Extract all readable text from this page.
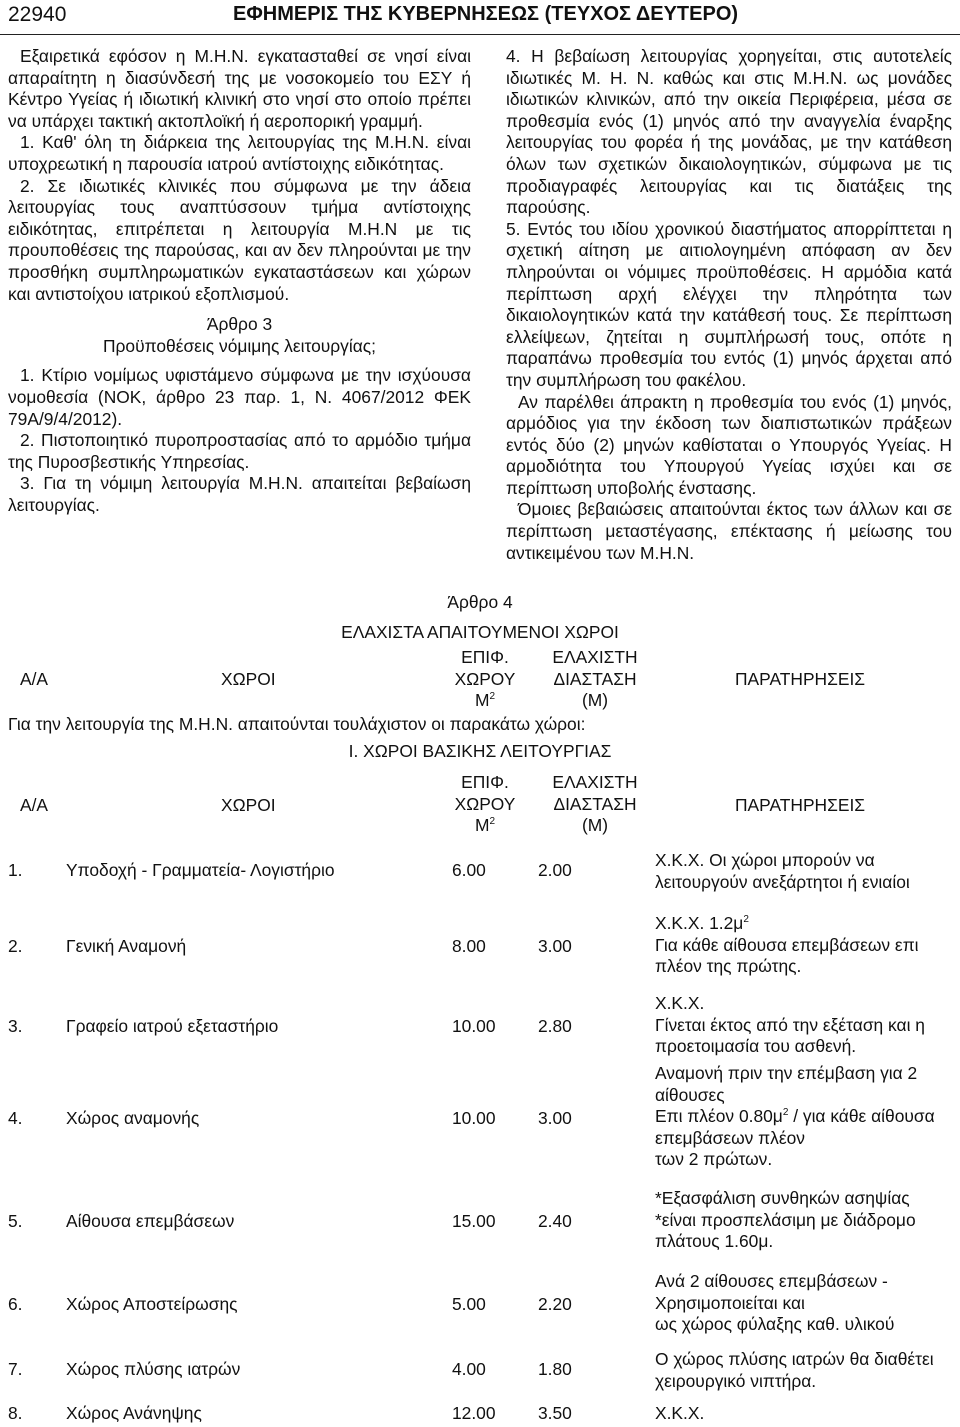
22940	ΕΦΗΜΕΡΙΣ ΤΗΣ ΚΥΒΕΡΝΗΣΕΩΣ (ΤΕΥΧΟΣ ΔΕΥΤΕΡΟ)

Εξαιρετικά εφόσον η Μ.Η.Ν. εγκατασταθεί σε νησί είναι απαραίτητη η διασύνδεσή της με νοσοκομείο του ΕΣΥ ή Κέντρο Υγείας ή ιδιωτική κλινική στο νησί στο οποίο πρέπει να υπάρχει τακτική ακτοπλοϊκή ή αεροπορική γραμμή.

1. Καθ' όλη τη διάρκεια της λειτουργίας της Μ.Η.Ν. είναι υποχρεωτική η παρουσία ιατρού αντίστοιχης ειδικότητας.

2. Σε ιδιωτικές κλινικές που σύμφωνα με την άδεια λειτουργίας τους αναπτύσσουν τμήμα αντίστοιχης ειδικότητας, επιτρέπεται η λειτουργία Μ.Η.Ν με τις προυποθέσεις της παρούσας, και αν δεν πληρούνται με την προσθήκη συμπληρωματικών εγκαταστάσεων και χώρων και αντιστοίχου ιατρικού εξοπλισμού.

Άρθρο 3

Προϋποθέσεις νόμιμης λειτουργίας;

1. Κτίριο νομίμως υφιστάμενο σύμφωνα με την ισχύουσα νομοθεσία (ΝΟΚ, άρθρο 23 παρ. 1, Ν. 4067/2012 ΦΕΚ 79Α/9/4/2012).

2. Πιστοποιητικό πυροπροστασίας από το αρμόδιο τμήμα της Πυροσβεστικής Υπηρεσίας.

3. Για τη νόμιμη λειτουργία Μ.Η.Ν. απαιτείται βεβαίωση λειτουργίας.

4. Η βεβαίωση λειτουργίας χορηγείται, στις αυτοτελείς ιδιωτικές Μ. Η. Ν. καθώς και στις Μ.Η.Ν. ως μονάδες ιδιωτικών κλινικών, από την οικεία Περιφέρεια, μέσα σε προθεσμία ενός (1) μηνός από την αναγγελία έναρξης λειτουργίας του φορέα ή της μονάδας, με την κατάθεση όλων των σχετικών δικαιολογητικών, σύμφωνα με τις προδιαγραφές λειτουργίας και τις διατάξεις της παρούσης.

5. Εντός του ιδίου χρονικού διαστήματος απορρίπτεται η σχετική αίτηση με αιτιολογημένη απόφαση αν δεν πληρούνται οι νόμιμες προϋποθέσεις. Η αρμόδια κατά περίπτωση αρχή ελέγχει την πληρότητα των δικαιολογητικών κατά την κατάθεσή τους. Σε περίπτωση ελλείψεων, ζητείται η συμπλήρωσή τους, οπότε η παραπάνω προθεσμία του εντός (1) μηνός άρχεται από την συμπλήρωση του φακέλου.

Αν παρέλθει άπρακτη η προθεσμία του ενός (1) μηνός, αρμόδιος για την έκδοση των διαπιστωτικών πράξεων εντός δύο (2) μηνών καθίσταται ο Υπουργός Υγείας. Η αρμοδιότητα του Υπουργού Υγείας ισχύει και σε περίπτωση υποβολής ένστασης.

Όμοιες βεβαιώσεις απαιτούνται έκτος των άλλων και σε περίπτωση μεταστέγασης, επέκτασης ή μείωσης του αντικειμένου των Μ.Η.Ν.

Άρθρο 4
ΕΛΑΧΙΣΤΑ ΑΠΑΙΤΟΥΜΕΝΟΙ ΧΩΡΟΙ
Α/Α	ΧΩΡΟΙ
ΕΠΙΦ.
ΧΩΡΟΥ
$M^2$
ΕΛΑΧΙΣΤΗ
ΔΙΑΣΤΑΣΗ
(Μ)
ΠΑΡΑΤΗΡΗΣΕΙΣ
Για την λειτουργία της Μ.Η.Ν. απαιτούνται τουλάχιστον οι παρακάτω χώροι:
Ι. ΧΩΡΟΙ ΒΑΣΙΚΗΣ ΛΕΙΤΟΥΡΓΙΑΣ
Α/Α	ΧΩΡΟΙ
ΕΠΙΦ.
ΧΩΡΟΥ
$M^2$
ΕΛΑΧΙΣΤΗ
ΔΙΑΣΤΑΣΗ
(Μ)
ΠΑΡΑΤΗΡΗΣΕΙΣ
1. Υποδοχή - Γραμματεία- Λογιστήριο	6.00	2.00	Χ.Κ.Χ. Οι χώροι μπορούν να λειτουργούν ανεξάρτητοι ή ενιαίοι
2. Γενική Αναμονή	8.00	3.00
Χ.Κ.Χ. $1.2\mu^2$
Για κάθε αίθουσα επεμβάσεων επι πλέον της πρώτης.
3. Γραφείο ιατρού εξεταστήριο	10.00 2.80
Χ.Κ.Χ.
Γίνεται έκτος από την εξέταση και η προετοιμασία του ασθενή.
4. Χώρος αναμονής	10.00 3.00
Αναμονή πριν την επέμβαση για 2 αίθουσες
Επι πλέον $0.80\mu^2$ / για κάθε αίθουσα επεμβάσεων πλέον
των 2 πρώτων.
5. Αίθουσα επεμβάσεων	15.00 2.40
*Εξασφάλιση συνθηκών ασηψίας
*είναι προσπελάσιμη με διάδρομο πλάτους 1.60μ.
6. Χώρος Αποστείρωσης	5.00	2.20
Ανά 2 αίθουσες επεμβάσεων -
Χρησιμοποιείται και
ως χώρος φύλαξης καθ. υλικού
7. Χώρος πλύσης ιατρών	4.00	1.80	Ο χώρος πλύσης ιατρών θα διαθέτει χειρουργικό νιπτήρα.
8. Χώρος Ανάνηψης	12.00 3.50	Χ.Κ.Χ.
